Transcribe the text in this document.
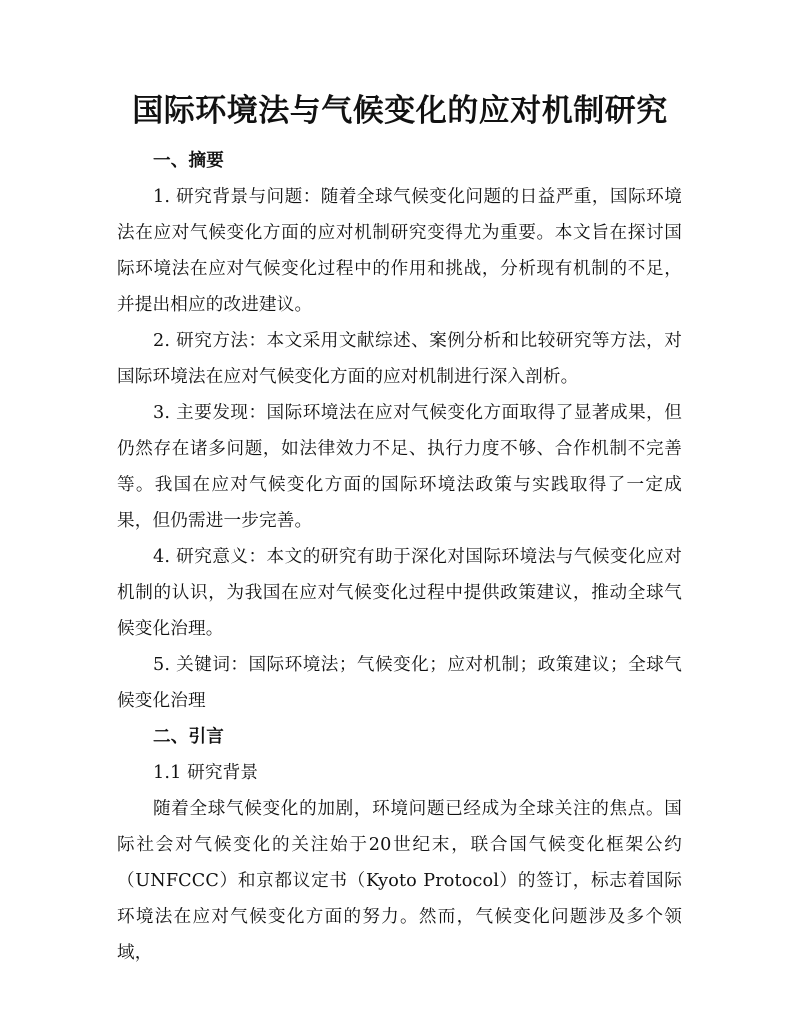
国际环境法与气候变化的应对机制研究
一、摘要

1. 研究背景与问题：随着全球气候变化问题的日益严重，国际环境法在应对气候变化方面的应对机制研究变得尤为重要。本文旨在探讨国际环境法在应对气候变化过程中的作用和挑战，分析现有机制的不足，并提出相应的改进建议。

2. 研究方法：本文采用文献综述、案例分析和比较研究等方法，对国际环境法在应对气候变化方面的应对机制进行深入剖析。

3. 主要发现：国际环境法在应对气候变化方面取得了显著成果，但仍然存在诸多问题，如法律效力不足、执行力度不够、合作机制不完善等。我国在应对气候变化方面的国际环境法政策与实践取得了一定成果，但仍需进一步完善。

4. 研究意义：本文的研究有助于深化对国际环境法与气候变化应对机制的认识，为我国在应对气候变化过程中提供政策建议，推动全球气候变化治理。

5. 关键词：国际环境法；气候变化；应对机制；政策建议；全球气候变化治理

二、引言
1.1 研究背景

随着全球气候变化的加剧，环境问题已经成为全球关注的焦点。国际社会对气候变化的关注始于20世纪末，联合国气候变化框架公约（UNFCCC）和京都议定书（Kyoto Protocol）的签订，标志着国际环境法在应对气候变化方面的努力。然而，气候变化问题涉及多个领域，
